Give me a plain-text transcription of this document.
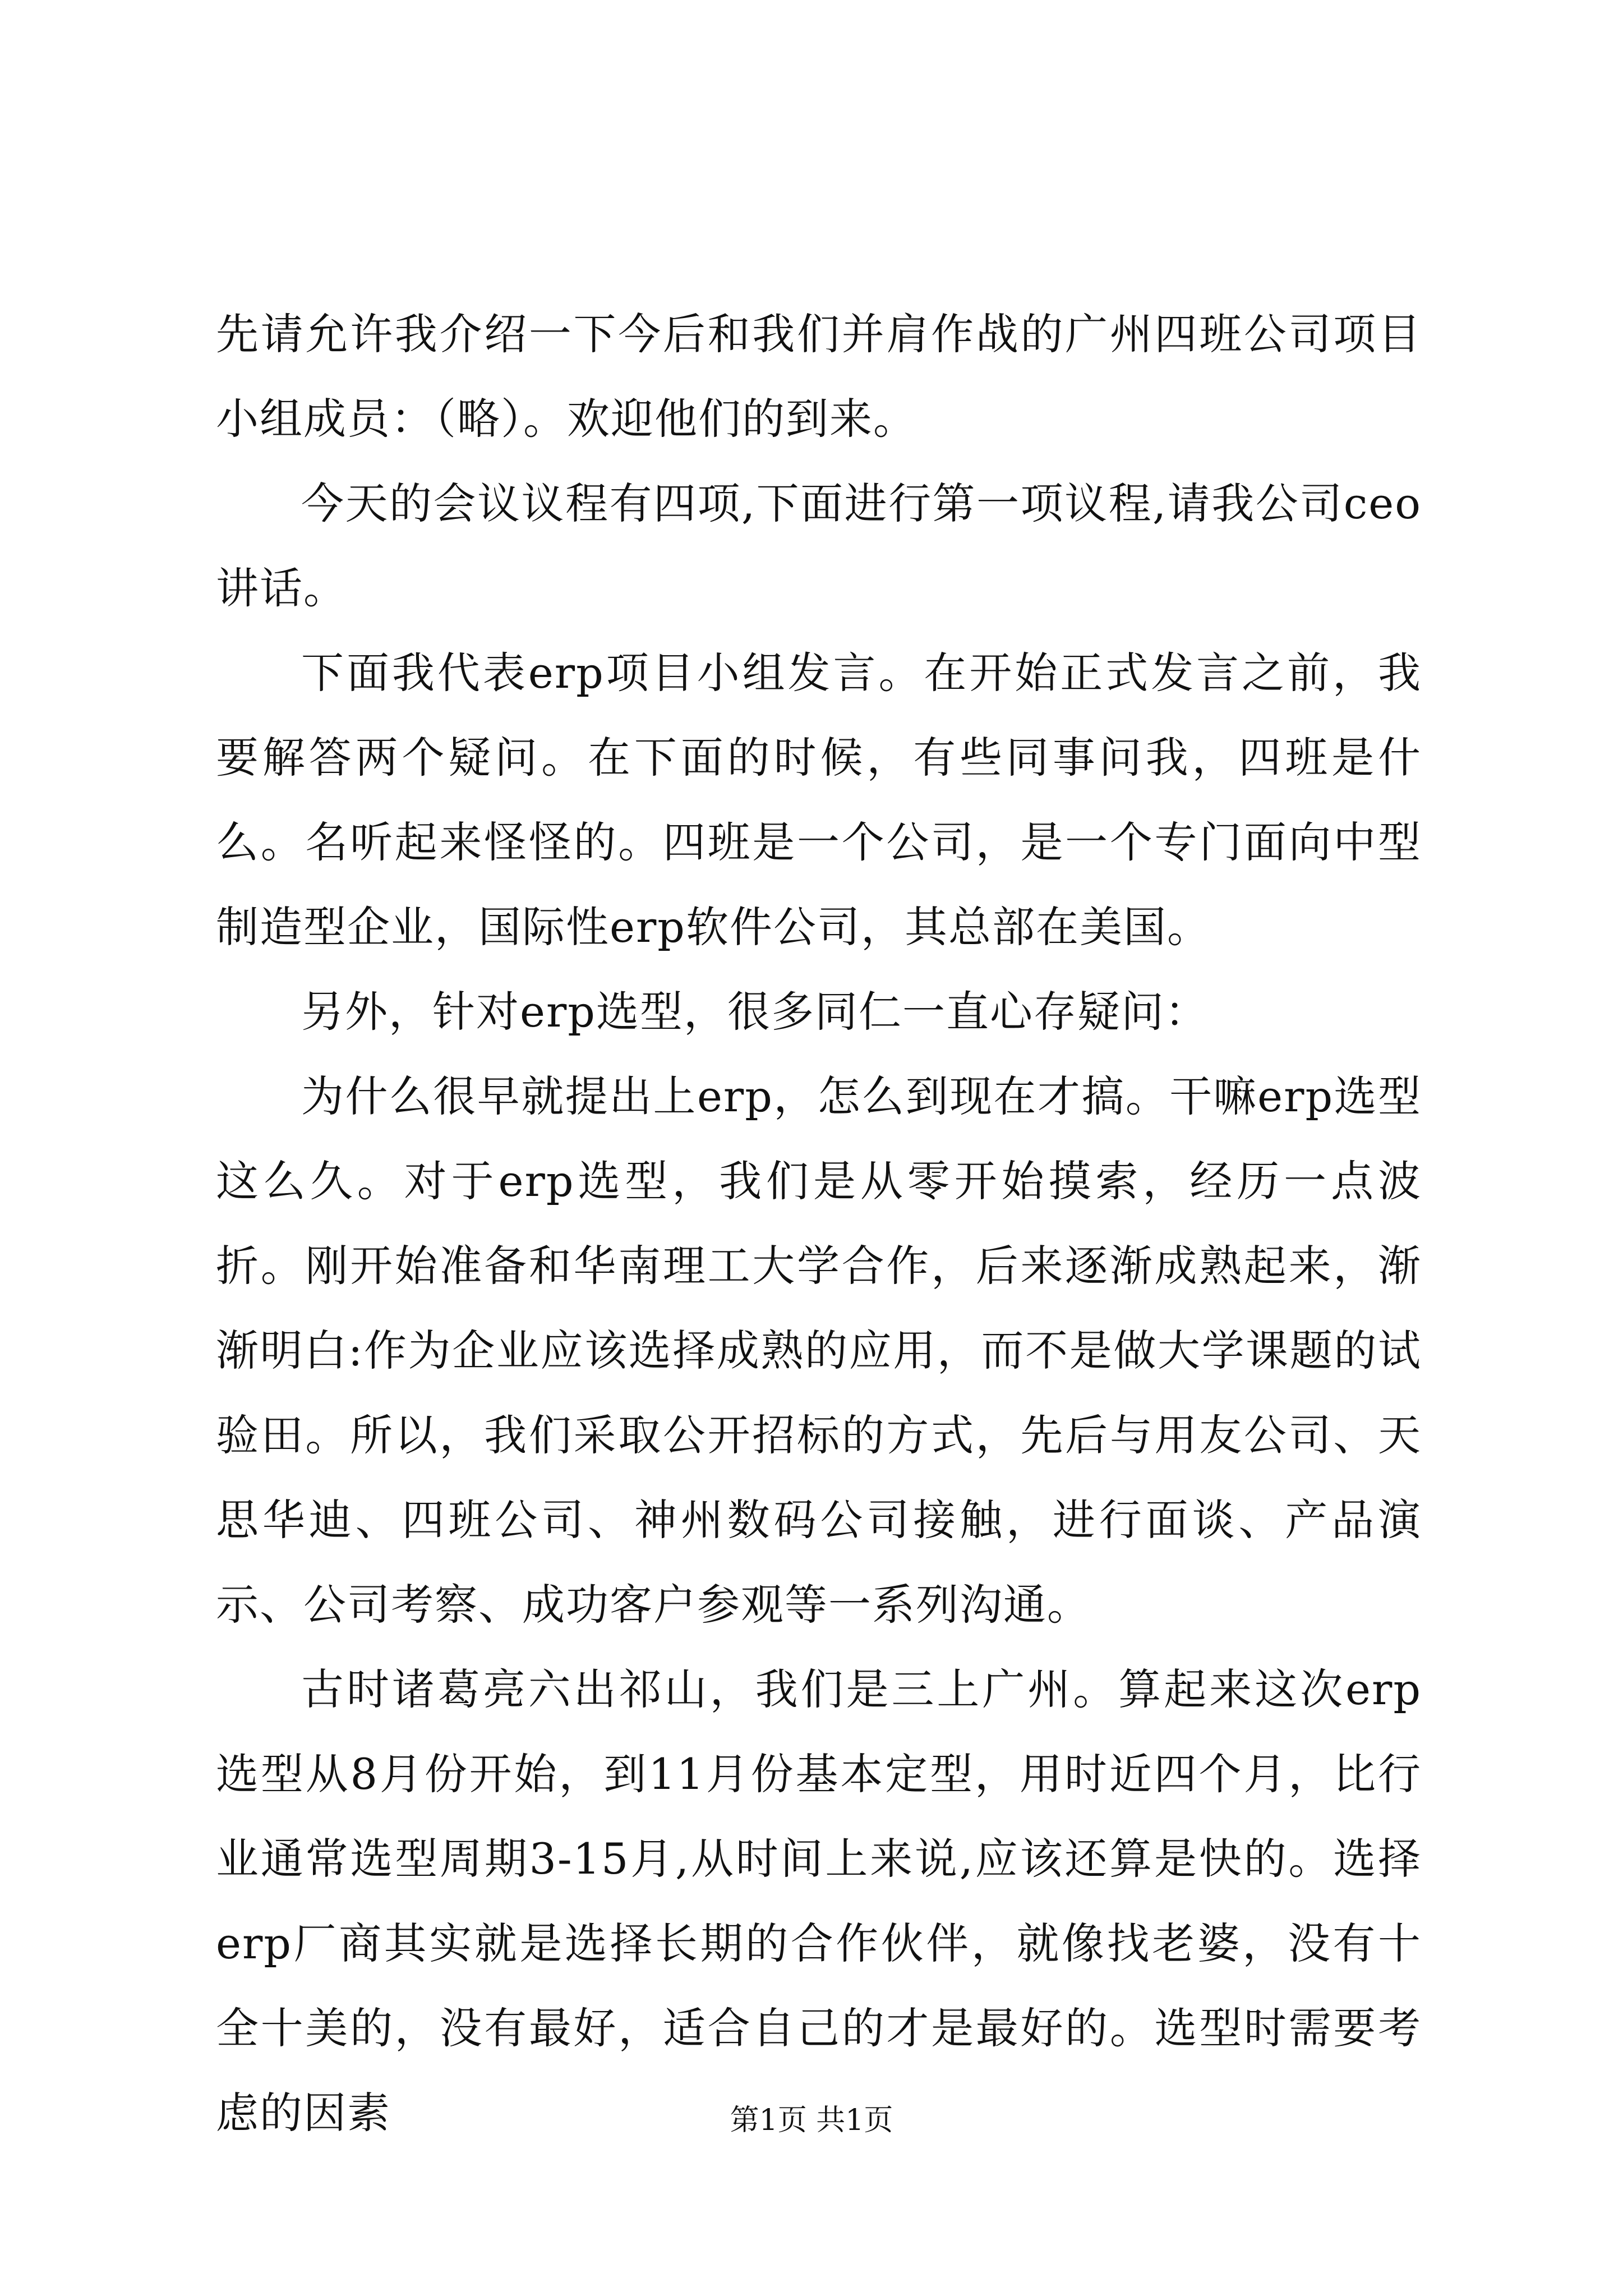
先请允许我介绍一下今后和我们并肩作战的广州四班公司项目小组成员：（略）。欢迎他们的到来。

今天的会议议程有四项,下面进行第一项议程,请我公司ceo讲话。

下面我代表erp项目小组发言。在开始正式发言之前，我要解答两个疑问。在下面的时候，有些同事问我，四班是什么。名听起来怪怪的。四班是一个公司，是一个专门面向中型制造型企业，国际性erp软件公司，其总部在美国。

另外，针对erp选型，很多同仁一直心存疑问：

为什么很早就提出上erp，怎么到现在才搞。干嘛erp选型这么久。对于erp选型，我们是从零开始摸索，经历一点波折。刚开始准备和华南理工大学合作，后来逐渐成熟起来，渐渐明白:作为企业应该选择成熟的应用，而不是做大学课题的试验田。所以，我们采取公开招标的方式，先后与用友公司、天思华迪、四班公司、神州数码公司接触，进行面谈、产品演示、公司考察、成功客户参观等一系列沟通。

古时诸葛亮六出祁山，我们是三上广州。算起来这次erp选型从8月份开始，到11月份基本定型，用时近四个月，比行业通常选型周期3-15月,从时间上来说,应该还算是快的。选择erp厂商其实就是选择长期的合作伙伴，就像找老婆，没有十全十美的，没有最好，适合自己的才是最好的。选型时需要考虑的因素	第1页 共1页
